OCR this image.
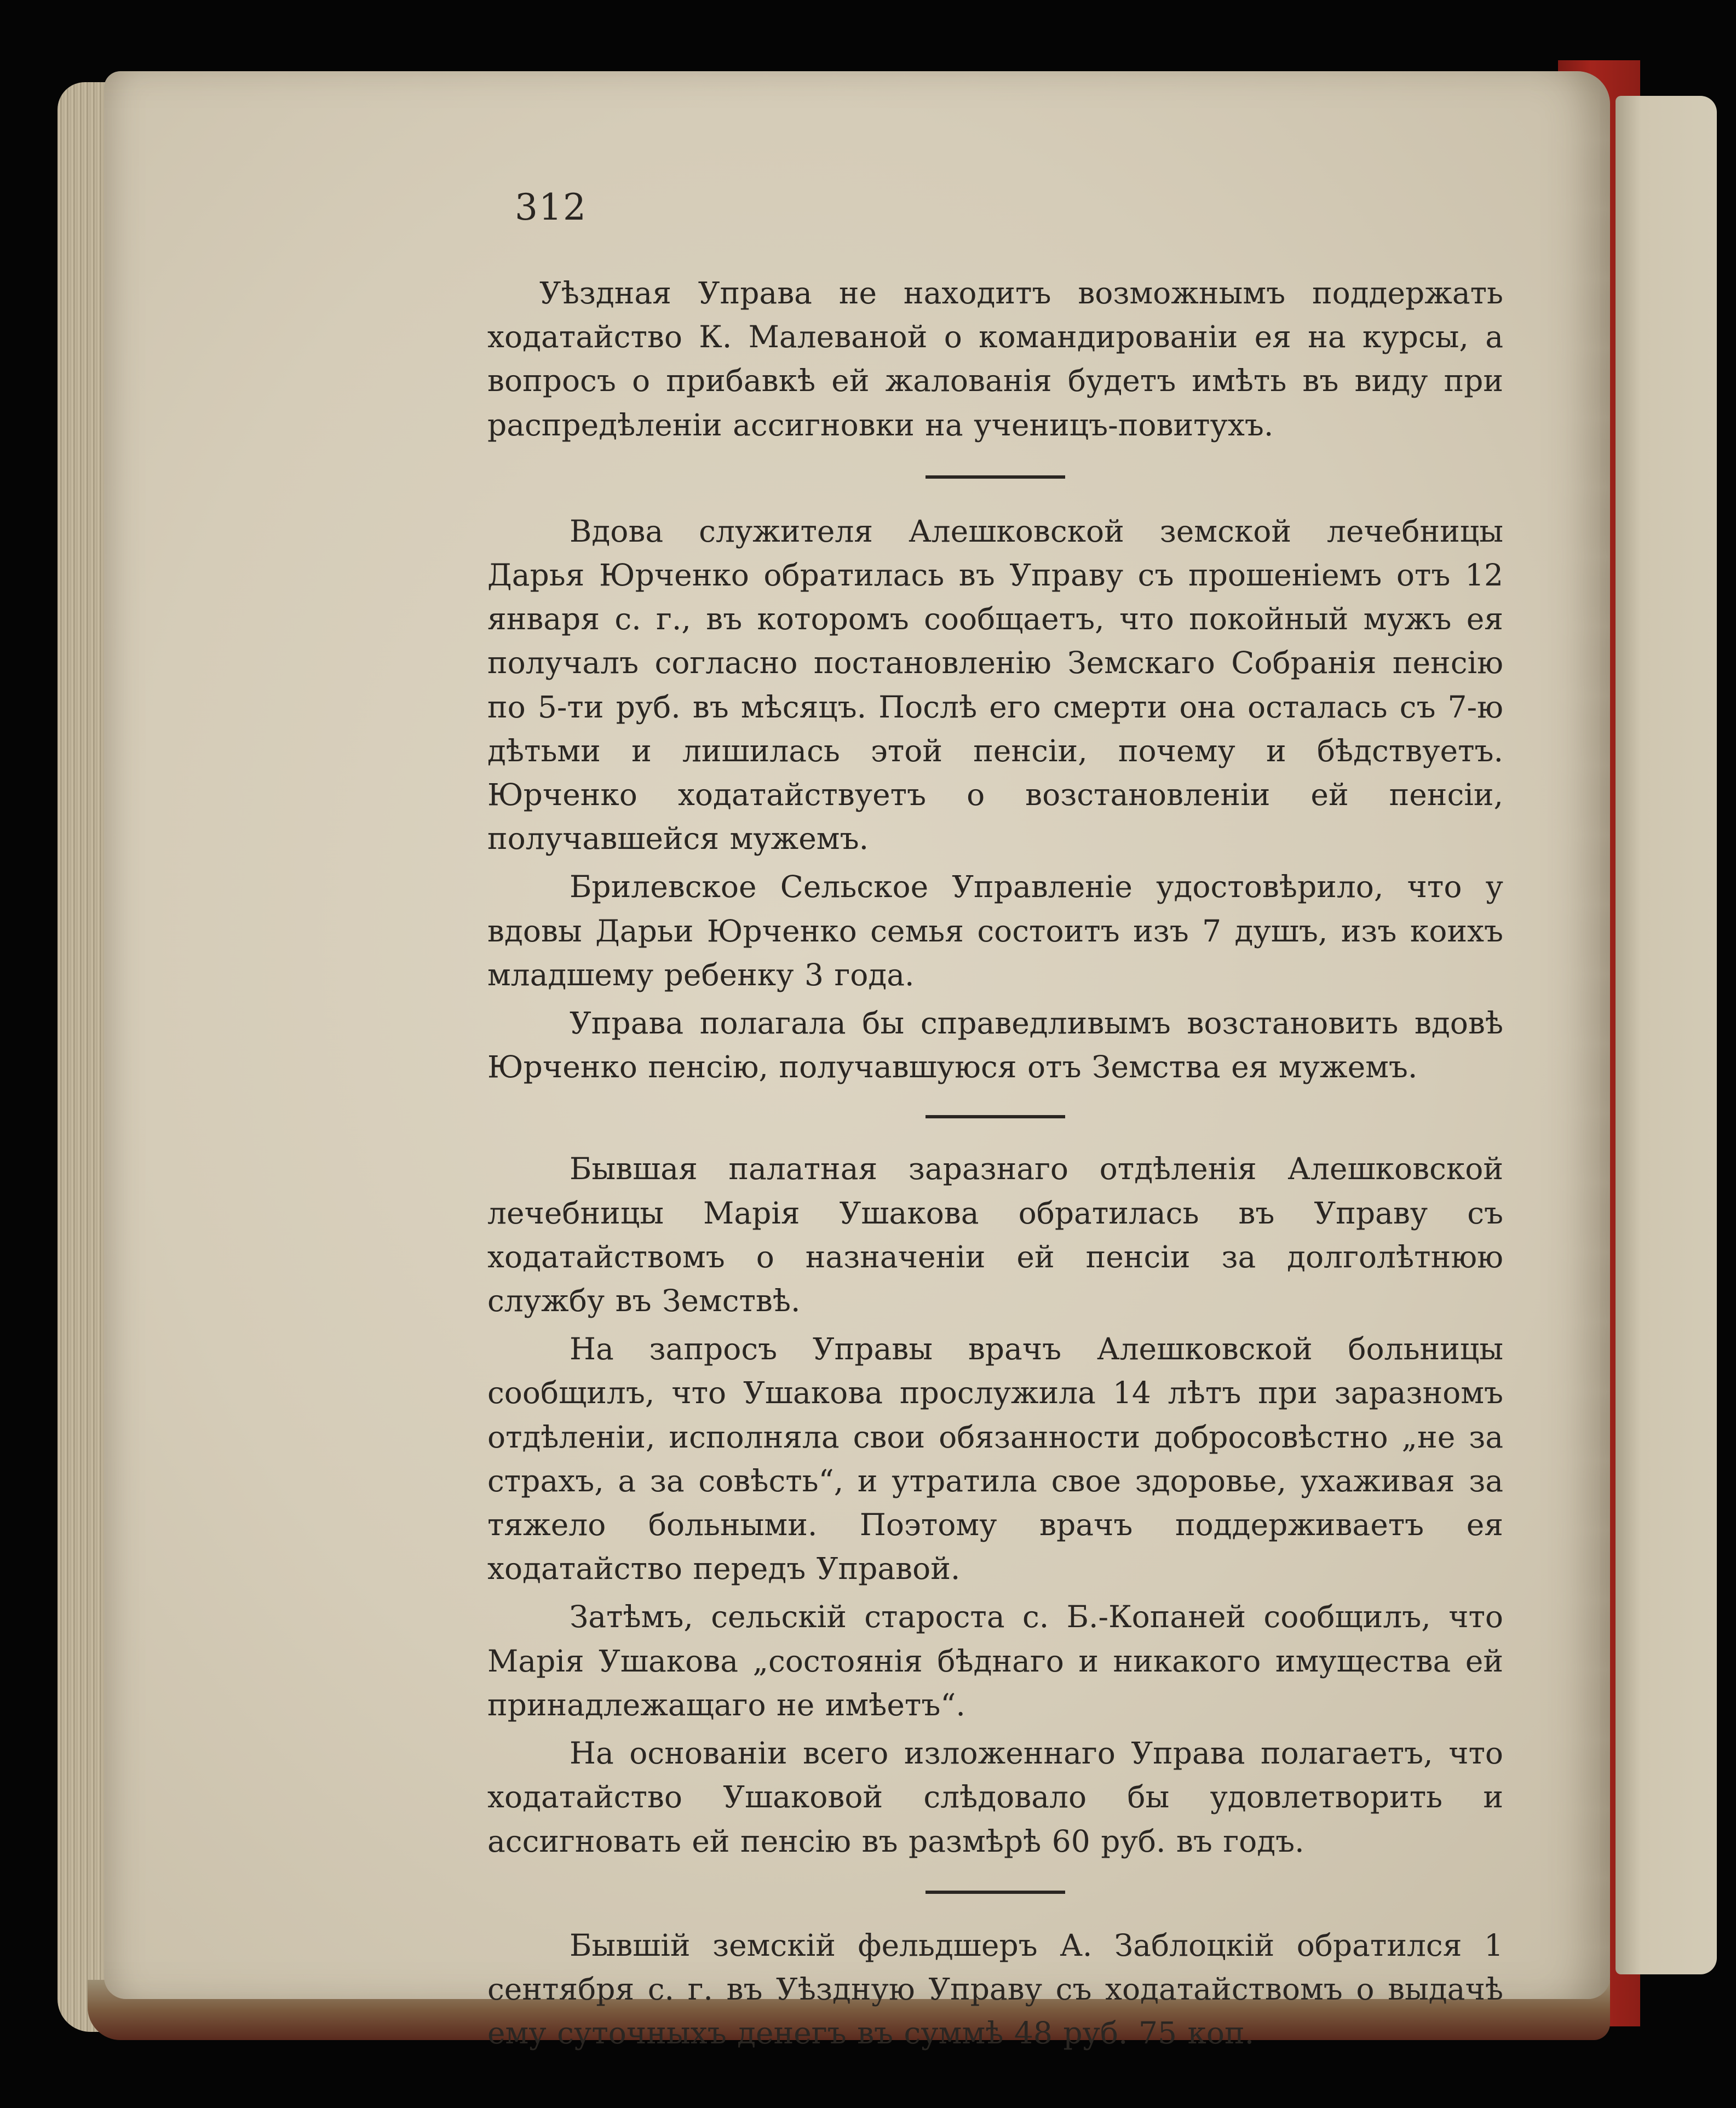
312

Уѣздная Управа не находитъ возможнымъ поддержать ходатайство К. Малеваной о командированіи ея на курсы, а вопросъ о прибавкѣ ей жалованія будетъ имѣть въ виду при распредѣленіи ассигновки на ученицъ-повитухъ.

Вдова служителя Алешковской земской лечебницы Дарья Юрченко обратилась въ Управу съ прошеніемъ отъ 12 января с. г., въ которомъ сообщаетъ, что покойный мужъ ея получалъ согласно постановленію Земскаго Собранія пенсію по 5-ти руб. въ мѣсяцъ. Послѣ его смерти она осталась съ 7-ю дѣтьми и лишилась этой пенсіи, почему и бѣдствуетъ. Юрченко ходатайствуетъ о возстановленіи ей пенсіи, получавшейся мужемъ.

Брилевское Сельское Управленіе удостовѣрило, что у вдовы Дарьи Юрченко семья состоитъ изъ 7 душъ, изъ коихъ младшему ребенку 3 года.

Управа полагала бы справедливымъ возстановить вдовѣ Юрченко пенсію, получавшуюся отъ Земства ея мужемъ.

Бывшая палатная заразнаго отдѣленія Алешковской лечебницы Марія Ушакова обратилась въ Управу съ ходатайствомъ о назначеніи ей пенсіи за долголѣтнюю службу въ Земствѣ.

На запросъ Управы врачъ Алешковской больницы сообщилъ, что Ушакова прослужила 14 лѣтъ при заразномъ отдѣленіи, исполняла свои обязанности добросовѣстно „не за страхъ, а за совѣсть“, и утратила свое здоровье, ухаживая за тяжело больными. Поэтому врачъ поддерживаетъ ея ходатайство передъ Управой.

Затѣмъ, сельскій староста с. Б.-Копаней сообщилъ, что Марія Ушакова „состоянія бѣднаго и никакого имущества ей принадлежащаго не имѣетъ“.

На основаніи всего изложеннаго Управа полагаетъ, что ходатайство Ушаковой слѣдовало бы удовлетворить и ассигновать ей пенсію въ размѣрѣ 60 руб. въ годъ.

Бывшій земскій фельдшеръ А. Заблоцкій обратился 1 сентября с. г. въ Уѣздную Управу съ ходатайствомъ о выдачѣ ему суточныхъ денегъ въ суммѣ 48 руб. 75 коп.
